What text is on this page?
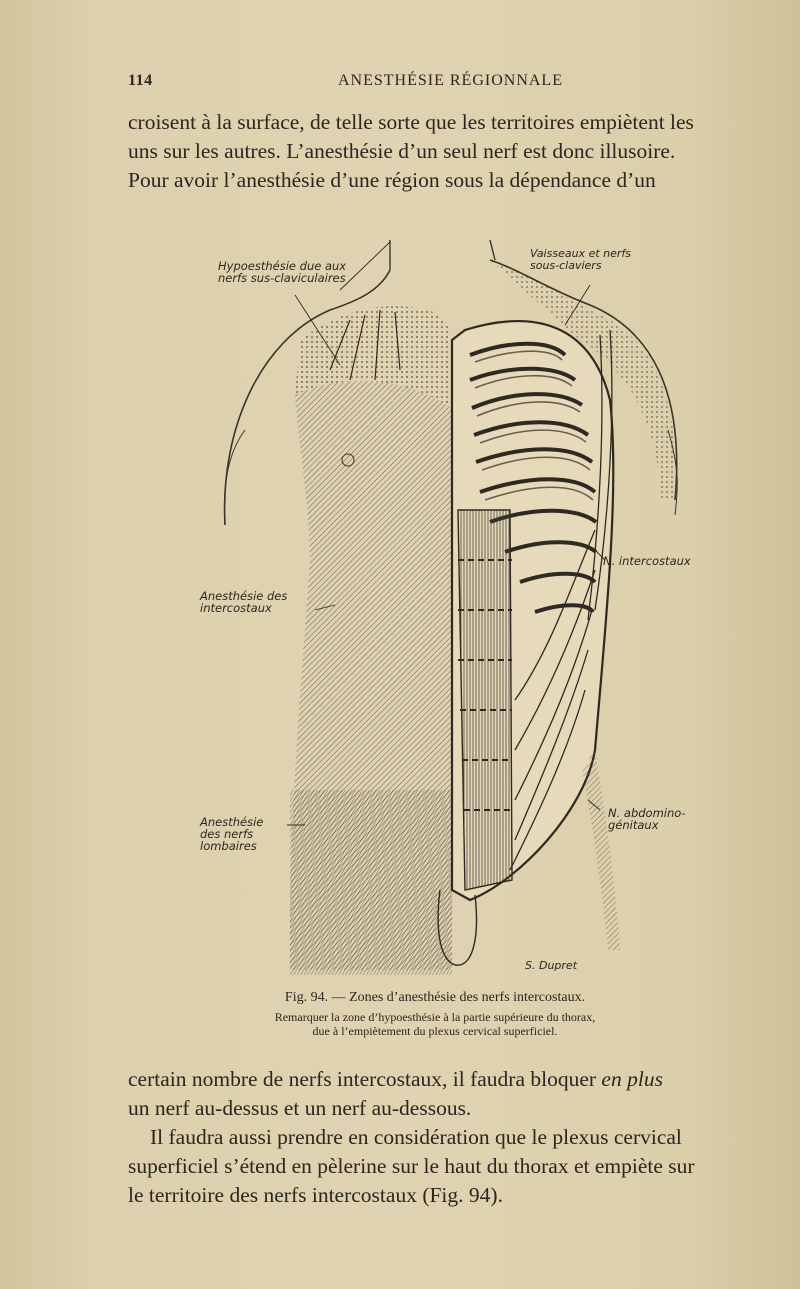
114	ANESTHÉSIE RÉGIONNALE
croisent à la surface, de telle sorte que les territoires empiètent les
uns sur les autres. L’anesthésie d’un seul nerf est donc illusoire.
Pour avoir l’anesthésie d’une région sous la dépendance d’un
Hypoesthésie due aux
nerfs sus-claviculaires
Vaisseaux et nerfs
sous-claviers
N. intercostaux
Anesthésie des
intercostaux
N. abdomino-
génitaux
Anesthésie
des nerfs
lombaires
S. Dupret
Fig. 94. — Zones d’anesthésie des nerfs intercostaux.
Remarquer la zone d’hypoesthésie à la partie supérieure du thorax,
due à l’empiètement du plexus cervical superficiel.
certain nombre de nerfs intercostaux, il faudra bloquer en plus
un nerf au-dessus et un nerf au-dessous.
Il faudra aussi prendre en considération que le plexus cervical
superficiel s’étend en pèlerine sur le haut du thorax et empiète sur
le territoire des nerfs intercostaux (Fig. 94).
